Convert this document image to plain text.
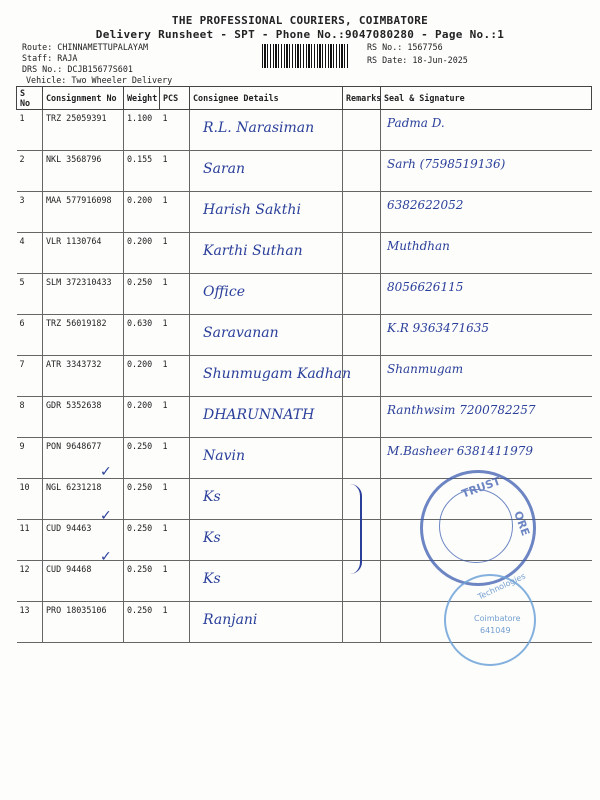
THE PROFESSIONAL COURIERS, COIMBATORE
Delivery Runsheet - SPT - Phone No.:9047080280 - Page No.:1
Route: CHINNAMETTUPALAYAM
Staff: RAJA
DRS No.: DCJB15677S601
Vehicle: Two Wheeler Delivery
RS No.: 1567756
RS Date: 18-Jun-2025
S No	Consignment No	Weight	PCS	Consignee Details	Remarks	Seal & Signature
1	TRZ 25059391	1.100	1	R.L. Narasiman		Padma D.

2	NKL 3568796	0.155	1	Saran		Sarh (7598519136)

3	MAA 577916098	0.200	1	Harish Sakthi		6382622052

4	VLR 1130764	0.200	1	Karthi Suthan		Muthdhan

5	SLM 372310433	0.250	1	Office		8056626115

6	TRZ 56019182	0.630	1	Saravanan		K.R 9363471635

7	ATR 3343732	0.200	1	Shunmugam Kadhan		Shanmugam

8	GDR 5352638	0.200	1	DHARUNNATH		Ranthwsim 7200782257

9	PON 9648677	0.250	1	Navin		M.Basheer 6381411979

10	NGL 6231218	0.250	1	Ks		

11	CUD 94463	0.250	1	Ks		

12	CUD 94468	0.250	1	Ks		

13	PRO 18035106	0.250	1	Ranjani		

✓
✓
✓
TRUST
ORE
Technologies
Coimbatore
641049
